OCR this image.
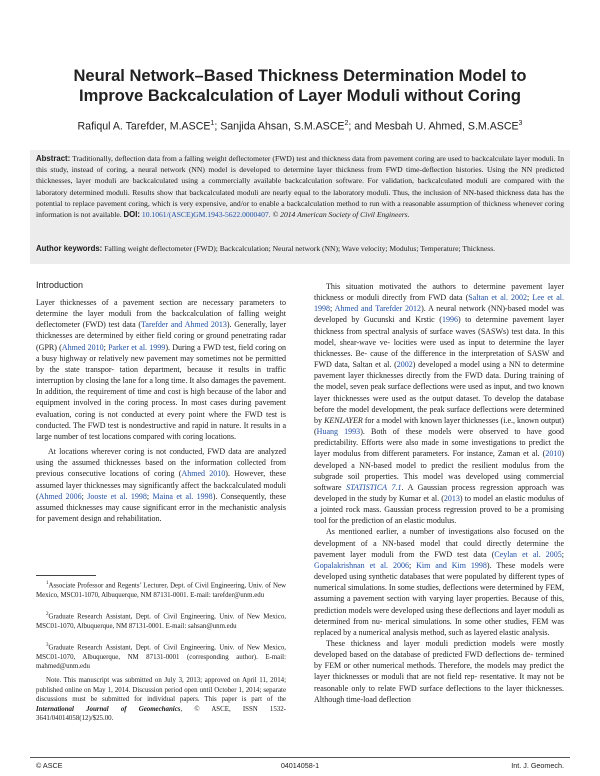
Neural Network–Based Thickness Determination Model to
Improve Backcalculation of Layer Moduli without Coring
Rafiqul A. Tarefder, M.ASCE$^1$; Sanjida Ahsan, S.M.ASCE$^2$; and Mesbah U. Ahmed, S.M.ASCE$^3$
Abstract: Traditionally, deflection data from a falling weight deflectometer (FWD) test and thickness data from pavement coring are used to backcalculate layer moduli. In this study, instead of coring, a neural network (NN) model is developed to determine layer thickness from FWD time-deflection histories. Using the NN predicted thicknesses, layer moduli are backcalculated using a commercially available backcalculation software. For validation, backcalculated moduli are compared with the laboratory determined moduli. Results show that backcalculated moduli are nearly equal to the laboratory moduli. Thus, the inclusion of NN-based thickness data has the potential to replace pavement coring, which is very expensive, and/or to enable a backcalculation method to run with a reasonable assumption of thickness whenever coring information is not available. DOI: 10.1061/(ASCE)GM.1943-5622.0000407. © 2014 American Society of Civil Engineers.
Author keywords: Falling weight deflectometer (FWD); Backcalculation; Neural network (NN); Wave velocity; Modulus; Temperature; Thickness.
Introduction

Layer thicknesses of a pavement section are necessary parameters to determine the layer moduli from the backcalculation of falling weight deflectometer (FWD) test data (Tarefder and Ahmed 2013). Generally, layer thicknesses are determined by either field coring or ground penetrating radar (GPR) (Ahmed 2010; Parker et al. 1999). During a FWD test, field coring on a busy highway or relatively new pavement may sometimes not be permitted by the state transpor- tation department, because it results in traffic interruption by closing the lane for a long time. It also damages the pavement. In addition, the requirement of time and cost is high because of the labor and equipment involved in the coring process. In most cases during pavement evaluation, coring is not conducted at every point where the FWD test is conducted. The FWD test is nondestructive and rapid in nature. It results in a large number of test locations compared with coring locations.

At locations wherever coring is not conducted, FWD data are analyzed using the assumed thicknesses based on the information collected from previous consecutive locations of coring (Ahmed 2010). However, these assumed layer thicknesses may significantly affect the backcalculated moduli (Ahmed 2006; Jooste et al. 1998; Maina et al. 1998). Consequently, these assumed thicknesses may cause significant error in the mechanistic analysis for pavement design and rehabilitation.

$^1$Associate Professor and Regents’ Lecturer, Dept. of Civil Engineering, Univ. of New Mexico, MSC01-1070, Albuquerque, NM 87131-0001. E-mail: tarefder@unm.edu
$^2$Graduate Research Assistant, Dept. of Civil Engineering, Univ. of New Mexico, MSC01-1070, Albuquerque, NM 87131-0001. E-mail: sahsan@unm.edu
$^3$Graduate Research Assistant, Dept. of Civil Engineering, Univ. of New Mexico, MSC01-1070, Albuquerque, NM 87131-0001 (corresponding author). E-mail: mahmed@unm.edu
Note. This manuscript was submitted on July 3, 2013; approved on April 11, 2014; published online on May 1, 2014. Discussion period open until October 1, 2014; separate discussions must be submitted for individual papers. This paper is part of the International Journal of Geomechanics, © ASCE, ISSN 1532-3641/04014058(12)/$25.00.

This situation motivated the authors to determine pavement layer thickness or moduli directly from FWD data (Saltan et al. 2002; Lee et al. 1998; Ahmed and Tarefder 2012). A neural network (NN)-based model was developed by Gucunski and Krstic (1996) to determine pavement layer thickness from spectral analysis of surface waves (SASWs) test data. In this model, shear-wave ve- locities were used as input to determine the layer thicknesses. Be- cause of the difference in the interpretation of SASW and FWD data, Saltan et al. (2002) developed a model using a NN to determine pavement layer thicknesses directly from the FWD data. During training of the model, seven peak surface deflections were used as input, and two known layer thicknesses were used as the output dataset. To develop the database before the model development, the peak surface deflections were determined by KENLAYER for a model with known layer thicknesses (i.e., known output) (Huang 1993). Both of these models were observed to have good predictability. Efforts were also made in some investigations to predict the layer modulus from different parameters. For instance, Zaman et al. (2010) developed a NN-based model to predict the resilient modulus from the subgrade soil properties. This model was developed using commercial software STATISTICA 7.1. A Gaussian process regression approach was developed in the study by Kumar et al. (2013) to model an elastic modulus of a jointed rock mass. Gaussian process regression proved to be a promising tool for the prediction of an elastic modulus.

As mentioned earlier, a number of investigations also focused on the development of a NN-based model that could directly determine the pavement layer moduli from the FWD test data (Ceylan et al. 2005; Gopalakrishnan et al. 2006; Kim and Kim 1998). These models were developed using synthetic databases that were populated by different types of numerical simulations. In some studies, deflections were determined by FEM, assuming a pavement section with varying layer properties. Because of this, prediction models were developed using these deflections and layer moduli as determined from nu- merical simulations. In some other studies, FEM was replaced by a numerical analysis method, such as layered elastic analysis.

These thickness and layer moduli prediction models were mostly developed based on the database of predicted FWD deflections de- termined by FEM or other numerical methods. Therefore, the models may predict the layer thicknesses or moduli that are not field rep- resentative. It may not be reasonable only to relate FWD surface deflections to the layer thicknesses. Although time-load deflection

© ASCE	04014058-1	Int. J. Geomech.
